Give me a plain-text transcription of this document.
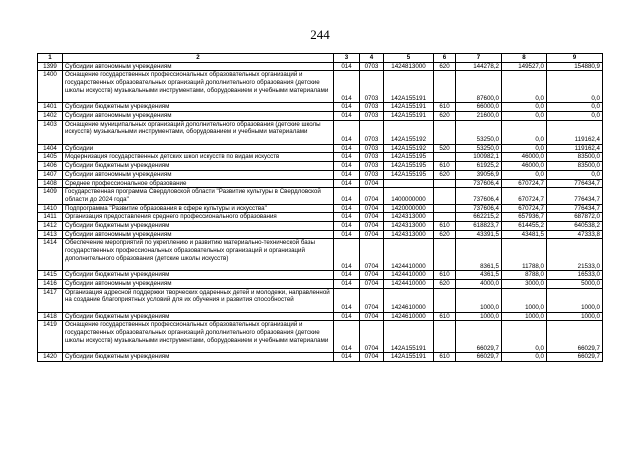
244
1	2	3	4	5	6	7	8	9
1399	Субсидии автономным учреждениям	014	0703	1424813000	620	144278,2	149527,0	154880,9
1400	Оснащение государственных профессиональных образовательных организаций и государственных образовательных организаций дополнительного образования (детские школы искусств) музыкальными инструментами, оборудованием и учебными материалами	014	0703	142A155191		87600,0	0,0	0,0
1401	Субсидии бюджетным учреждениям	014	0703	142A155191	610	66000,0	0,0	0,0
1402	Субсидии автономным учреждениям	014	0703	142A155191	620	21600,0	0,0	0,0
1403	Оснащение муниципальных организаций дополнительного образования (детские школы искусств) музыкальными инструментами, оборудованием и учебными материалами	014	0703	142A155192		53250,0	0,0	119162,4
1404	Субсидии	014	0703	142A155192	520	53250,0	0,0	119162,4
1405	Модернизация государственных детских школ искусств по видам искусств	014	0703	142A155195		100982,1	46000,0	83500,0
1406	Субсидии бюджетным учреждениям	014	0703	142A155195	610	61925,2	46000,0	83500,0
1407	Субсидии автономным учреждениям	014	0703	142A155195	620	39056,9	0,0	0,0
1408	Среднее профессиональное образование	014	0704			737606,4	670724,7	776434,7
1409	Государственная программа Свердловской области "Развитие культуры в Свердловской области до 2024 года"	014	0704	1400000000		737606,4	670724,7	776434,7
1410	Подпрограмма "Развитие образования в сфере культуры и искусства"	014	0704	1420000000		737606,4	670724,7	776434,7
1411	Организация предоставления среднего профессионального образования	014	0704	1424313000		662215,2	657936,7	687872,0
1412	Субсидии бюджетным учреждениям	014	0704	1424313000	610	618823,7	614455,2	640538,2
1413	Субсидии автономным учреждениям	014	0704	1424313000	620	43391,5	43481,5	47333,8
1414	Обеспечение мероприятий по укреплению и развитию материально-технической базы государственных профессиональных образовательных организаций и организаций дополнительного образования (детские школы искусств)	014	0704	1424410000		8361,5	11788,0	21533,0
1415	Субсидии бюджетным учреждениям	014	0704	1424410000	610	4361,5	8788,0	16533,0
1416	Субсидии автономным учреждениям	014	0704	1424410000	620	4000,0	3000,0	5000,0
1417	Организация адресной поддержки творческих одаренных детей и молодежи, направленной на создание благоприятных условий для их обучения и развития способностей	014	0704	1424610000		1000,0	1000,0	1000,0
1418	Субсидии бюджетным учреждениям	014	0704	1424610000	610	1000,0	1000,0	1000,0
1419	Оснащение государственных профессиональных образовательных организаций и государственных образовательных организаций дополнительного образования (детские школы искусств) музыкальными инструментами, оборудованием и учебными материалами	014	0704	142A155191		66029,7	0,0	66029,7
1420	Субсидии бюджетным учреждениям	014	0704	142A155191	610	66029,7	0,0	66029,7
